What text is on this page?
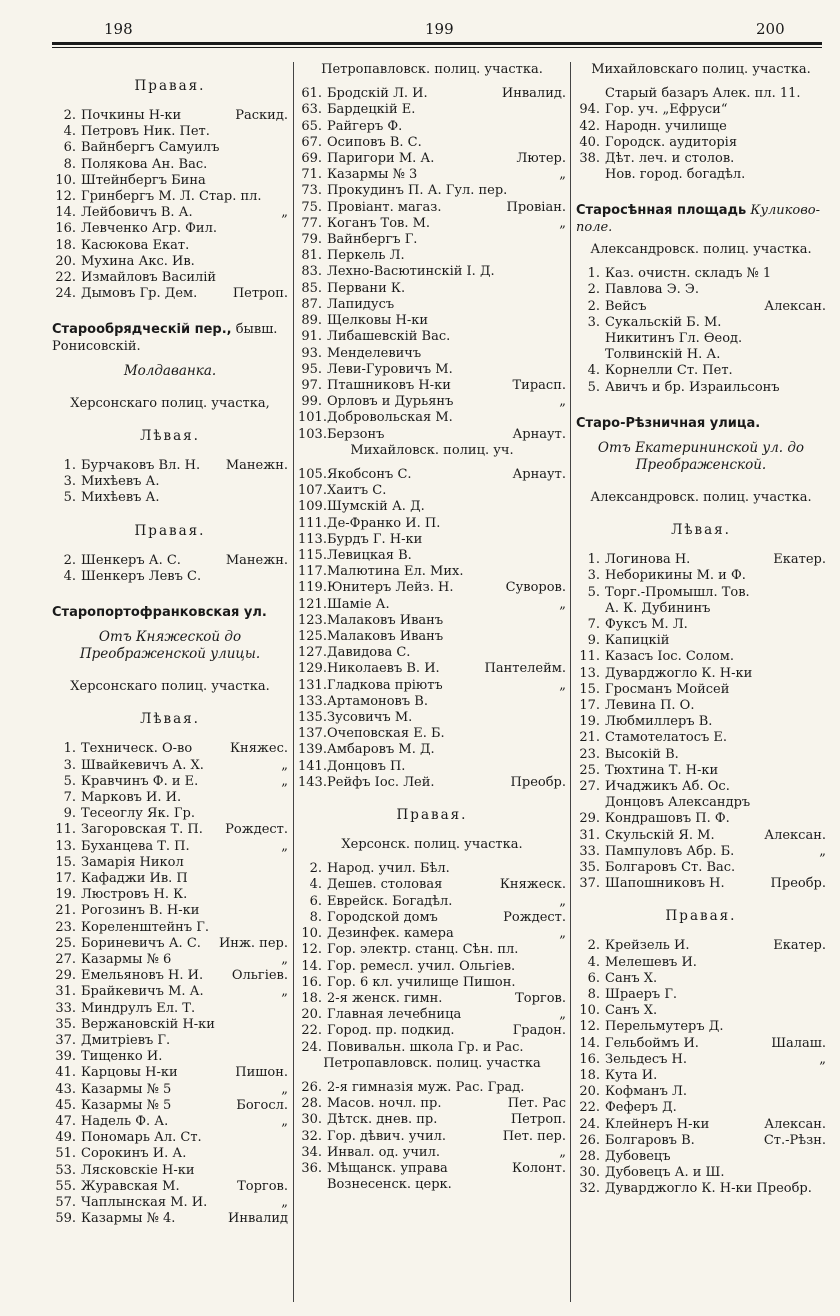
198	199	200
Правая.
2. Почкины Н-ки	Раскид.
4. Петровъ Ник. Пет.
6. Вайнбергъ Самуилъ
8. Полякова Ан. Вас.
10. Штейнбергъ Бина
12. Гринбергъ М. Л. Стар. пл.
14. Лейбовичъ В. А.	„
16. Левченко Агр. Фил.
18. Касюкова Екат.
20. Мухина Акс. Ив.
22. Измайловъ Василій
24. Дымовъ Гр. Дем.	Петроп.
Старообрядческій пер., бывш. Ронисовскій.
Молдаванка.
Херсонскаго полиц. участка,
Лѣвая.
1. Бурчаковъ Вл. Н.	Манежн.
3. Михѣевъ А.
5. Михѣевъ А.
Правая.
2. Шенкеръ А. С.	Манежн.
4. Шенкеръ Левъ С.
Старопортофранковская ул.
Отъ Княжеской до Преображенской улицы.
Херсонскаго полиц. участка.
Лѣвая.
1. Техническ. О-во	Княжес.
3. Швайкевичъ А. Х.	„
5. Кравчинъ Ф. и Е.	„
7. Марковъ И. И.
9. Тесеоглу Як. Гр.
11. Загоровская Т. П.	Рождест.
13. Буханцева Т. П.	„
15. Замарія Никол
17. Кафаджи Ив. П
19. Люстровъ Н. К.
21. Рогозинъ В. Н-ки
23. Кореленштейнъ Г.
25. Бориневичъ А. С.	Инж. пер.
27. Казармы № 6	„
29. Емельяновъ Н. И.	Ольгіев.
31. Брайкевичъ М. А.	„
33. Миндрулъ Ел. Т.
35. Вержановскій Н-ки
37. Дмитріевъ Г.
39. Тищенко И.
41. Карцовы Н-ки	Пишон.
43. Казармы № 5	„
45. Казармы № 5	Богосл.
47. Надель Ф. А.	„
49. Пономарь Ал. Ст.
51. Сорокинъ И. А.
53. Лясковскіе Н-ки
55. Журавская М.	Торгов.
57. Чаплынская М. И.	„
59. Казармы № 4.	Инвалид
Петропавловск. полиц. участка.
61. Бродскій Л. И.	Инвалид.
63. Бардецкій Е.
65. Райгеръ Ф.
67. Осиповъ В. С.
69. Паригори М. А.	Лютер.
71. Казармы № 3	„
73. Прокудинъ П. А. Гул. пер.
75. Провіант. магаз.	Провіан.
77. Коганъ Тов. М.	„
79. Вайнбергъ Г.
81. Перкель Л.
83. Лехно-Васютинскій І. Д.
85. Первани К.
87. Лапидусъ
89. Щелковы Н-ки
91. Либашевскій Вас.
93. Менделевичъ
95. Леви-Гуровичъ М.
97. Пташниковъ Н-ки	Тирасп.
99. Орловъ и Дурьянъ	„
101. Добровольская М.
103. Берзонъ	Арнаут.
Михайловск. полиц. уч.
105. Якобсонъ С.	Арнаут.
107. Хаитъ С.
109. Шумскій А. Д.
111. Де-Франко И. П.
113. Бурдъ Г. Н-ки
115. Левицкая В.
117. Малютина Ел. Мих.
119. Юнитеръ Лейз. Н.	Суворов.
121. Шаміе А.	„
123. Малаковъ Иванъ
125. Малаковъ Иванъ
127. Давидова С.
129. Николаевъ В. И.	Пантелейм.
131. Гладкова пріютъ	„
133. Артамоновъ В.
135. Зусовичъ М.
137. Очеповская Е. Б.
139. Амбаровъ М. Д.
141. Донцовъ П.
143. Рейфъ Іос. Лей.	Преобр.
Правая.
Херсонск. полиц. участка.
2. Народ. учил. Бѣл.
4. Дешев. столовая	Княжеск.
6. Еврейск. Богадѣл.	„
8. Городской домъ	Рождест.
10. Дезинфек. камера	„
12. Гор. электр. станц. Сѣн. пл.
14. Гор. ремесл. учил. Ольгіев.
16. Гор. 6 кл. училище Пишон.
18. 2-я женск. гимн.	Торгов.
20. Главная лечебница	„
22. Город. пр. подкид.	Градон.
24. Повивальн. школа Гр. и Рас.
Петропавловск. полиц. участка
26. 2-я гимназія муж. Рас. Град.
28. Масов. ночл. пр.	Пет. Рас
30. Дѣтск. днев. пр.	Петроп.
32. Гор. дѣвич. учил.	Пет. пер.
34. Инвал. од. учил.	„
36. Мѣщанск. управа	Колонт.
Вознесенск. церк.
Михайловскаго полиц. участка.
Старый базаръ Алек. пл. 11.
94. Гор. уч. „Ефруси“
42. Народн. училище
40. Городск. аудиторія
38. Дѣт. леч. и столов.
Нов. город. богадѣл.
Старосѣнная площадь Куликово-поле.
Александровск. полиц. участка.
1. Каз. очистн. складъ № 1
2. Павлова Э. Э.
2. Вейсъ	Алексан.
3. Сукальскій Б. М.
Никитинъ Гл. Ѳеод.
Толвинскій Н. А.
4. Корнелли Ст. Пет.
5. Авичъ и бр. Израильсонъ
Старо-Рѣзничная улица.
Отъ Екатерининской ул. до Преображенской.
Александровск. полиц. участка.
Лѣвая.
1. Логинова Н.	Екатер.
3. Неборикины М. и Ф.
5. Торг.-Промышл. Тов.
А. К. Дубининъ
7. Фуксъ М. Л.
9. Капицкій
11. Казасъ Іос. Солом.
13. Дуварджогло К. Н-ки
15. Гросманъ Мойсей
17. Левина П. О.
19. Любмиллеръ В.
21. Стамотелатосъ Е.
23. Высокій В.
25. Тюхтина Т. Н-ки
27. Ичаджикъ Аб. Ос.
Донцовъ Александръ
29. Кондрашовъ П. Ф.
31. Скульскій Я. М.	Алексан.
33. Пампуловъ Абр. Б.	„
35. Болгаровъ Ст. Вас.
37. Шапошниковъ Н.	Преобр.
Правая.
2. Крейзель И.	Екатер.
4. Мелешевъ И.
6. Санъ Х.
8. Шраеръ Г.
10. Санъ Х.
12. Перельмутеръ Д.
14. Гельбоймъ И.	Шалаш.
16. Зельдесъ Н.	„
18. Кута И.
20. Кофманъ Л.
22. Феферъ Д.
24. Клейнеръ Н-ки	Алексан.
26. Болгаровъ В.	Ст.-Рѣзн.
28. Дубовецъ
30. Дубовецъ А. и Ш.
32. Дуварджогло К. Н-ки Преобр.
